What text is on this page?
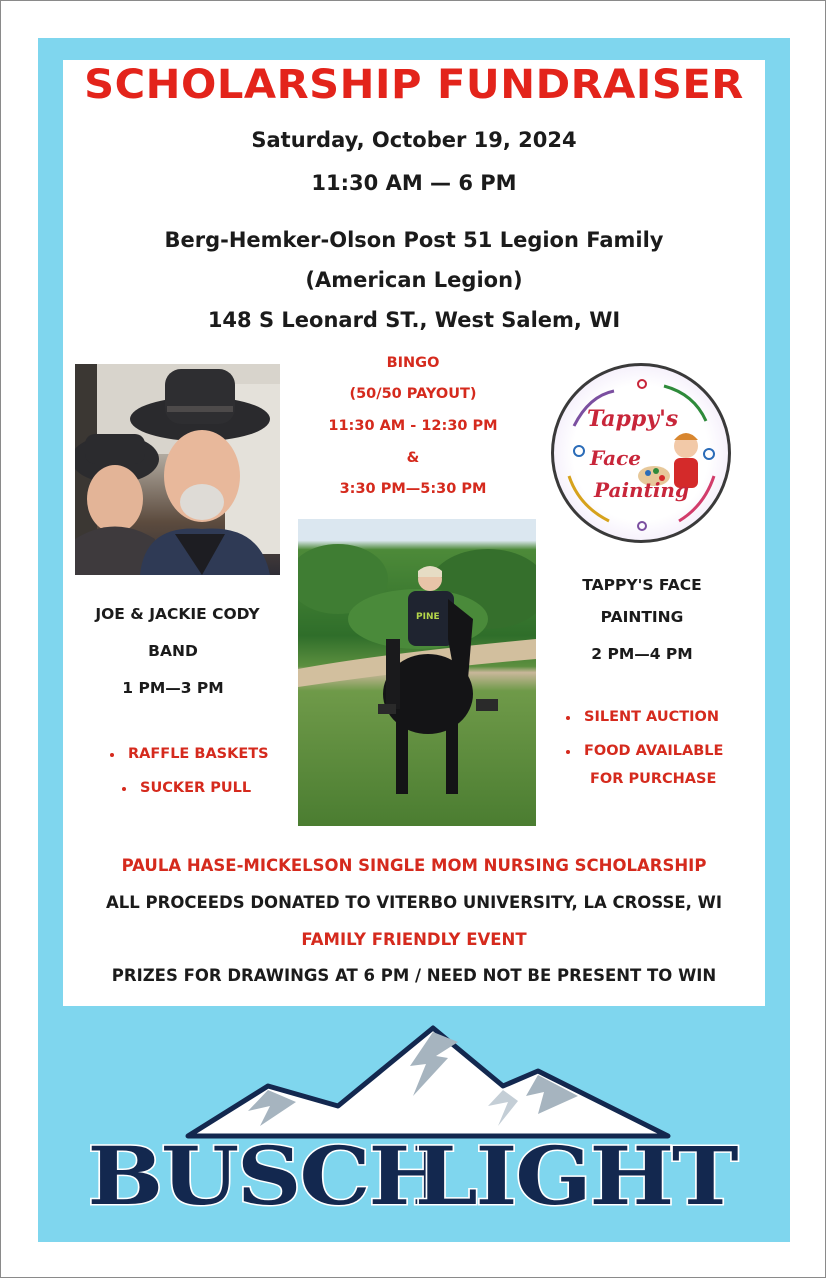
SCHOLARSHIP FUNDRAISER
Saturday, October 19, 2024
11:30 AM — 6 PM
Berg-Hemker-Olson Post 51 Legion Family
(American Legion)
148 S Leonard ST., West Salem, WI
BINGO
(50/50 PAYOUT)
11:30 AM - 12:30 PM
&
3:30 PM—5:30 PM
Tappy's
Face
Painting
PINE
JOE & JACKIE CODY
BAND
1 PM—3 PM
RAFFLE BASKETS
SUCKER PULL
TAPPY'S FACE
PAINTING
2 PM—4 PM
SILENT AUCTION
FOOD AVAILABLE
FOR PURCHASE
PAULA HASE-MICKELSON SINGLE MOM NURSING SCHOLARSHIP
ALL PROCEEDS DONATED TO VITERBO UNIVERSITY, LA CROSSE, WI
FAMILY FRIENDLY EVENT
PRIZES FOR DRAWINGS AT 6 PM / NEED NOT BE PRESENT TO WIN
BUSCH
LIGHT
